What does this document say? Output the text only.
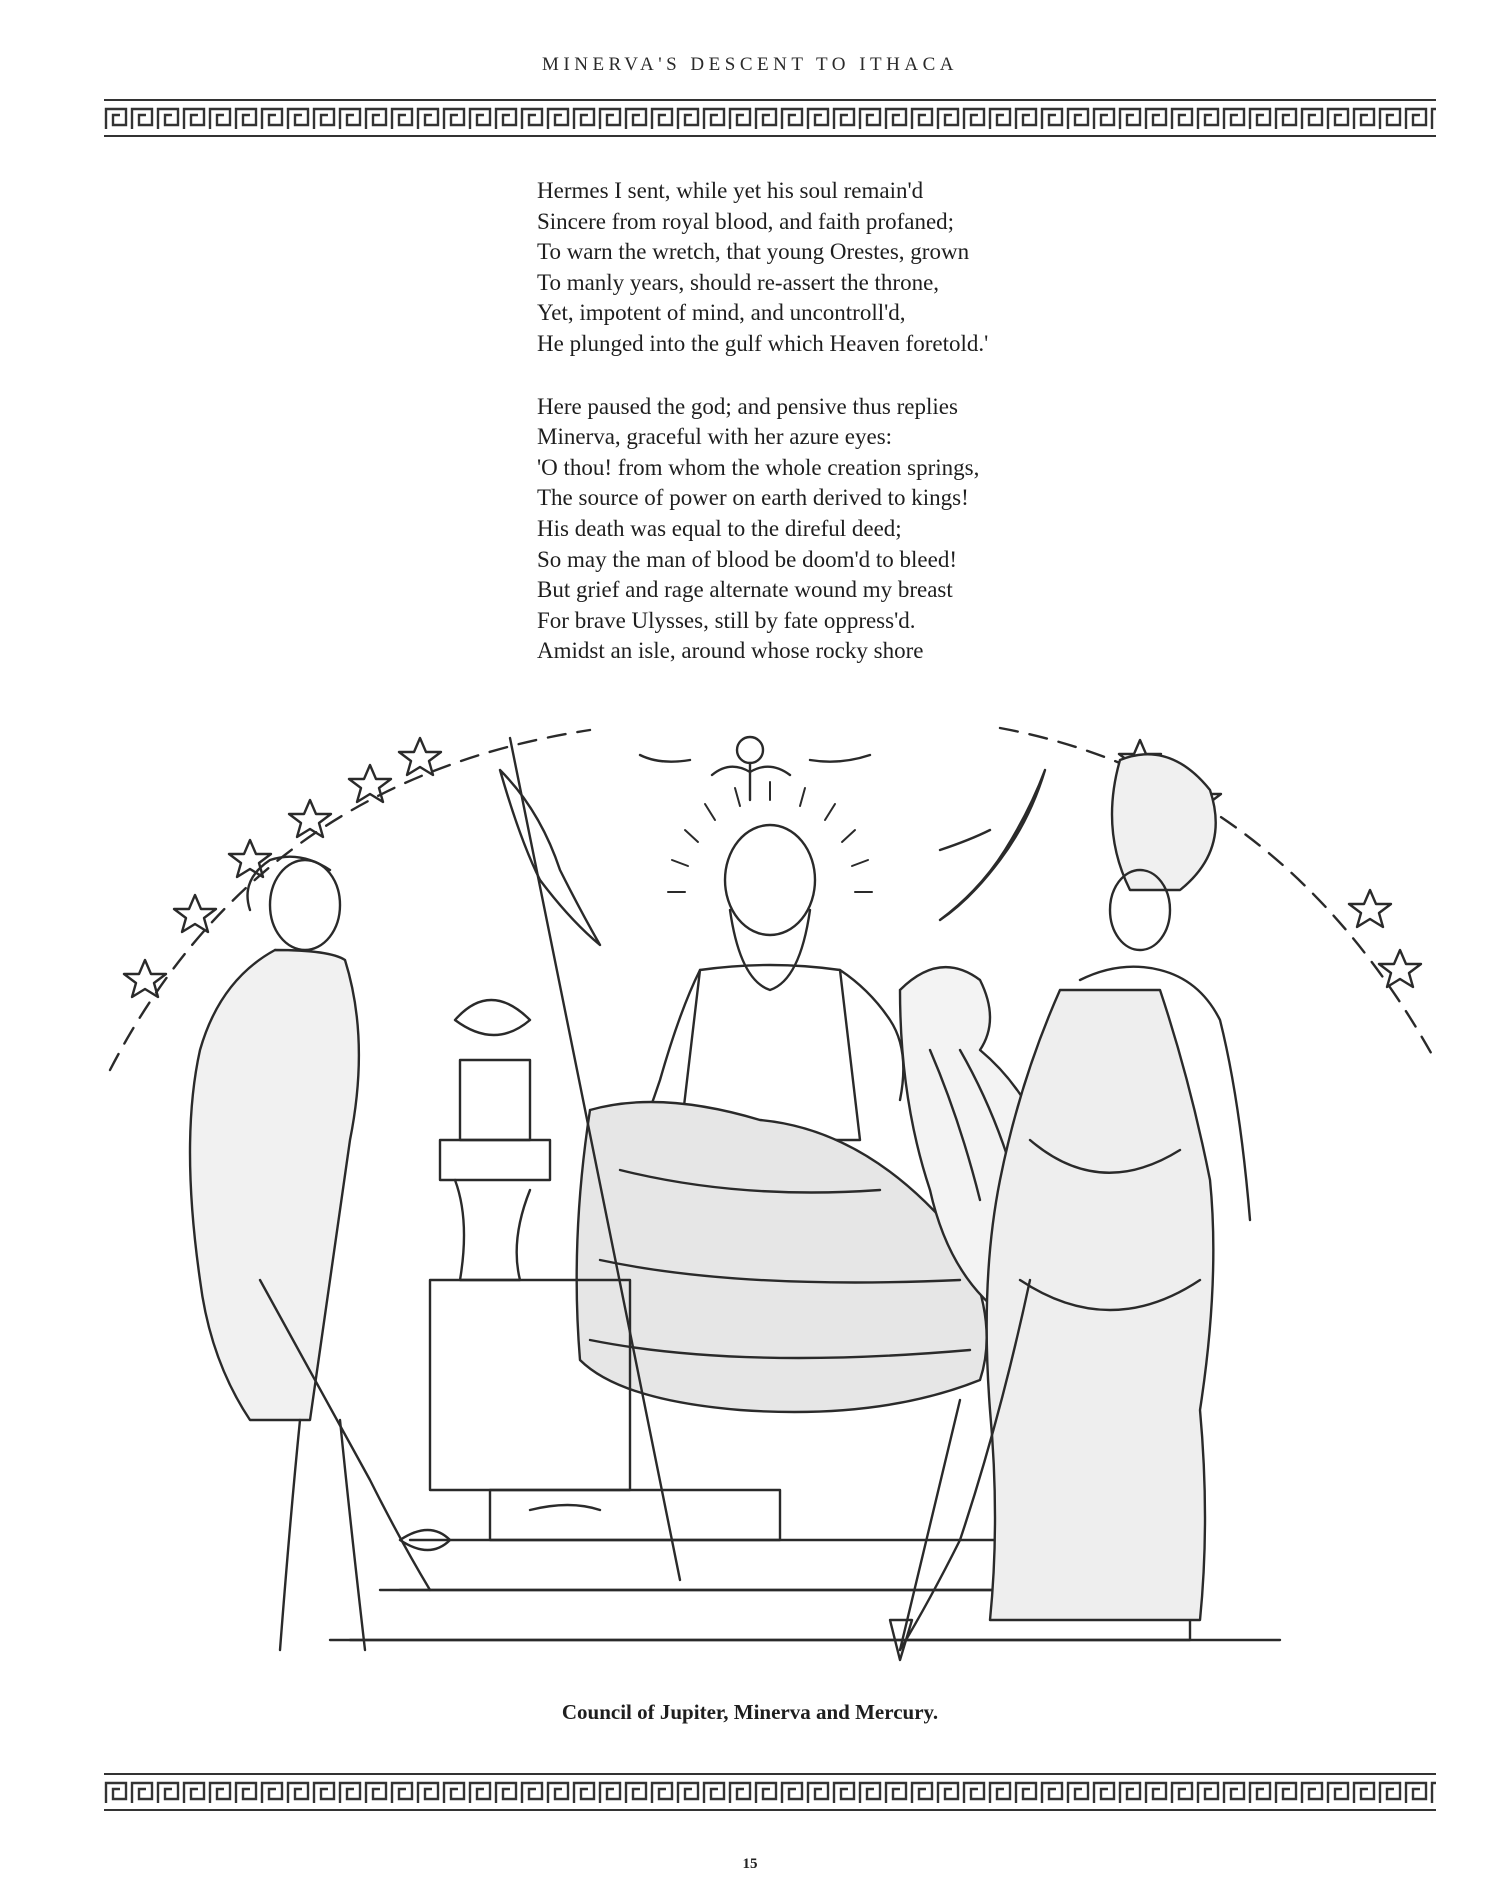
MINERVA'S DESCENT TO ITHACA
Hermes I sent, while yet his soul remain'd
Sincere from royal blood, and faith profaned;
To warn the wretch, that young Orestes, grown
To manly years, should re-assert the throne,
Yet, impotent of mind, and uncontroll'd,
He plunged into the gulf which Heaven foretold.'
Here paused the god; and pensive thus replies
Minerva, graceful with her azure eyes:
'O thou! from whom the whole creation springs,
The source of power on earth derived to kings!
His death was equal to the direful deed;
So may the man of blood be doom'd to bleed!
But grief and rage alternate wound my breast
For brave Ulysses, still by fate oppress'd.
Amidst an isle, around whose rocky shore
Council of Jupiter, Minerva and Mercury.
15
